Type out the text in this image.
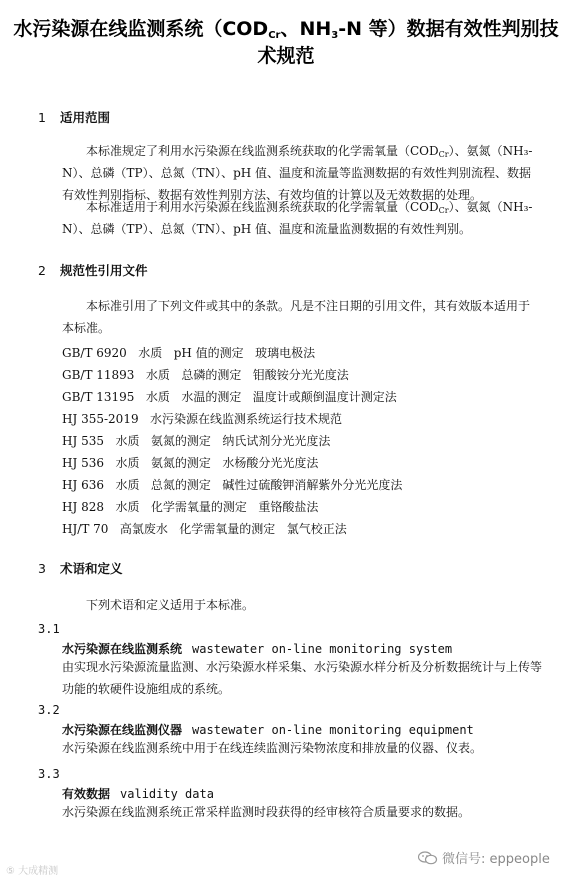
水污染源在线监测系统（$COD_{Cr}$、$NH_3-N$ 等）数据有效性判别技
术规范
1 适用范围
本标准规定了利用水污染源在线监测系统获取的化学需氧量$(COD_{Cr})$、氨氮（NH₃-N）、总磷（TP）、总氮（TN）、pH 值、温度和流量等监测数据的有效性判别流程、数据有效性判别指标、数据有效性判别方法、有效均值的计算以及无效数据的处理。
本标准适用于利用水污染源在线监测系统获取的化学需氧量$(COD_{Cr})$、氨氮（NH₃-N）、总磷（TP）、总氮（TN）、pH 值、温度和流量监测数据的有效性判别。
2 规范性引用文件
本标准引用了下列文件或其中的条款。凡是不注日期的引用文件，其有效版本适用于本标准。
GB/T 6920   水质   pH 值的测定   玻璃电极法
GB/T 11893   水质   总磷的测定   钼酸铵分光光度法
GB/T 13195   水质   水温的测定   温度计或颠倒温度计测定法
HJ 355-2019   水污染源在线监测系统运行技术规范
HJ 535   水质   氨氮的测定   纳氏试剂分光光度法
HJ 536   水质   氨氮的测定   水杨酸分光光度法
HJ 636   水质   总氮的测定   碱性过硫酸钾消解紫外分光光度法
HJ 828   水质   化学需氧量的测定   重铬酸盐法
HJ/T 70   高氯废水   化学需氧量的测定   氯气校正法
3 术语和定义
下列术语和定义适用于本标准。
3.1
水污染源在线监测系统 wastewater on-line monitoring system
由实现水污染源流量监测、水污染源水样采集、水污染源水样分析及分析数据统计与上传等功能的软硬件设施组成的系统。
3.2
水污染源在线监测仪器 wastewater on-line monitoring equipment
水污染源在线监测系统中用于在线连续监测污染物浓度和排放量的仪器、仪表。
3.3
有效数据 validity data
水污染源在线监测系统正常采样监测时段获得的经审核符合质量要求的数据。
⑤ 大成精测
微信号: eppeople
